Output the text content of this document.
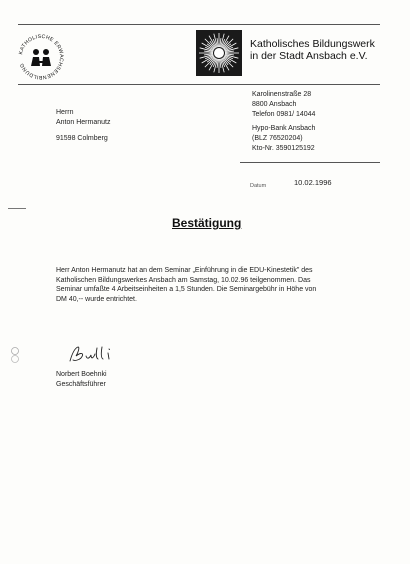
KATHOLISCHE ERWACHSENENBILDUNG
Katholisches Bildungswerk
in der Stadt Ansbach e.V.
Herrn
Anton Hermanutz
91598 Colmberg
Karolinenstraße 28
8800 Ansbach
Telefon 0981/ 14044
Hypo-Bank Ansbach
(BLZ 76520204)
Kto-Nr. 3590125192
Datum	10.02.1996
Bestätigung
Herr Anton Hermanutz hat an dem Seminar „Einführung in die EDU-Kinestetik" des
Katholischen Bildungswerkes Ansbach am Samstag, 10.02.96 teilgenommen. Das
Seminar umfaßte 4 Arbeitseinheiten a 1,5 Stunden. Die Seminargebühr in Höhe von
DM 40,-- wurde entrichtet.
Norbert Boehnki
Geschäftsführer
